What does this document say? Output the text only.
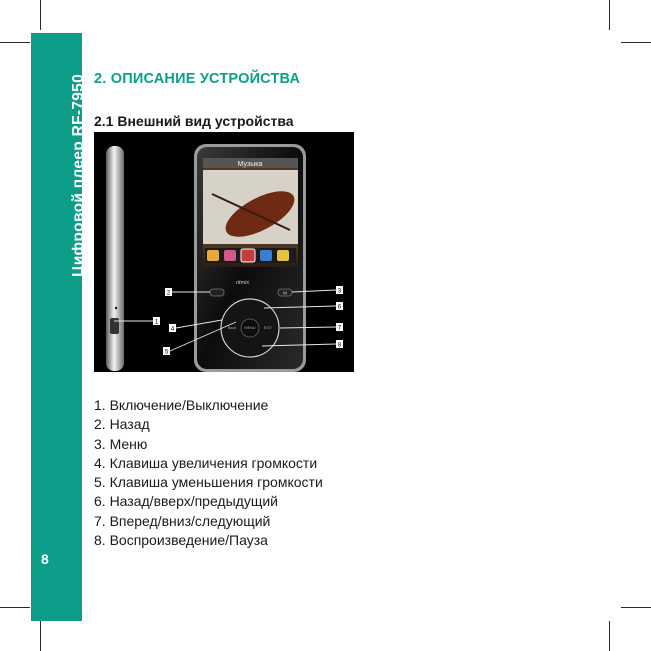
Цифровой плеер RF-7950
8
2. ОПИСАНИЕ УСТРОЙСТВА
2.1 Внешний вид устройства
Музыка
M
ritmix
Back MENU EXIT
2
1
4
5
3
6
7
8
1. Включение/Выключение
2. Назад
3. Меню
4. Клавиша увеличения громкости
5. Клавиша уменьшения громкости
6. Назад/вверх/предыдущий
7. Вперед/вниз/следующий
8. Воспроизведение/Пауза
